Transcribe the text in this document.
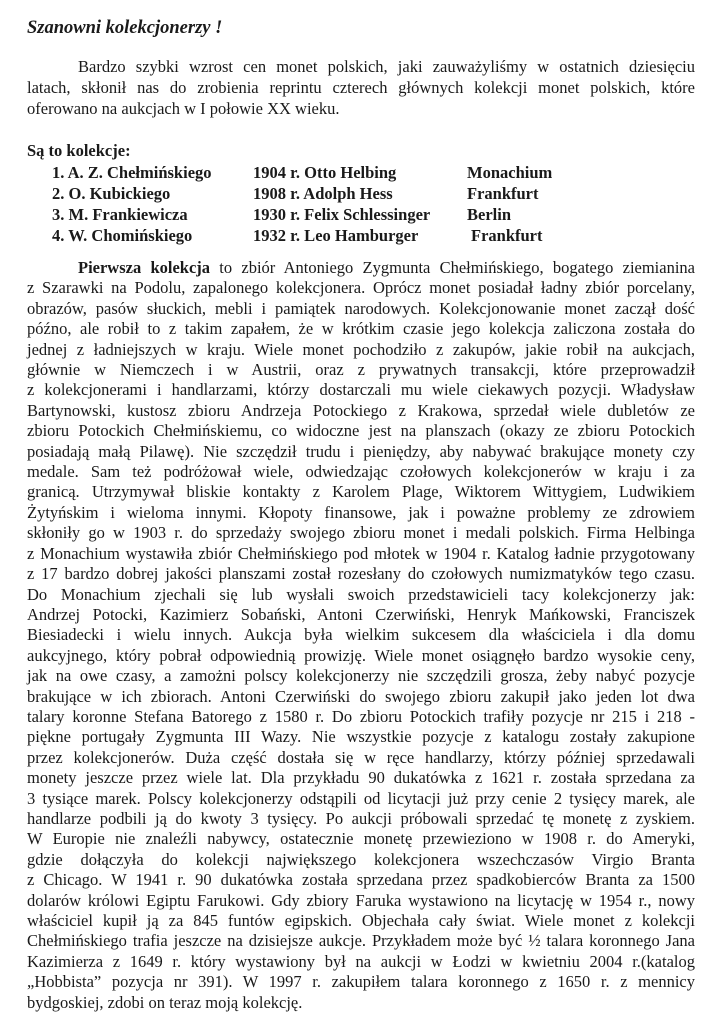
Szanowni kolekcjonerzy !
Bardzo szybki wzrost cen monet polskich, jaki zauważyliśmy w ostatnich dziesięciu
latach, skłonił nas do zrobienia reprintu czterech głównych kolekcji monet polskich, które
oferowano na aukcjach w I połowie XX wieku.
Są to kolekcje:
1. A. Z. Chełmińskiego	1904 r. Otto Helbing	Monachium
2. O. Kubickiego	1908 r. Adolph Hess	Frankfurt
3. M. Frankiewicza	1930 r. Felix Schlessinger	Berlin
4. W. Chomińskiego	1932 r. Leo Hamburger	Frankfurt
Pierwsza kolekcja to zbiór Antoniego Zygmunta Chełmińskiego, bogatego ziemianina
z Szarawki na Podolu, zapalonego kolekcjonera. Oprócz monet posiadał ładny zbiór porcelany,
obrazów, pasów słuckich, mebli i pamiątek narodowych. Kolekcjonowanie monet zaczął dość
późno, ale robił to z takim zapałem, że w krótkim czasie jego kolekcja zaliczona została do
jednej z ładniejszych w kraju. Wiele monet pochodziło z zakupów, jakie robił na aukcjach,
głównie w Niemczech i w Austrii, oraz z prywatnych transakcji, które przeprowadził
z kolekcjonerami i handlarzami, którzy dostarczali mu wiele ciekawych pozycji. Władysław
Bartynowski, kustosz zbioru Andrzeja Potockiego z Krakowa, sprzedał wiele dubletów ze
zbioru Potockich Chełmińskiemu, co widoczne jest na planszach (okazy ze zbioru Potockich
posiadają małą Pilawę). Nie szczędził trudu i pieniędzy, aby nabywać brakujące monety czy
medale. Sam też podróżował wiele, odwiedzając czołowych kolekcjonerów w kraju i za
granicą. Utrzymywał bliskie kontakty z Karolem Plage, Wiktorem Wittygiem, Ludwikiem
Żytyńskim i wieloma innymi. Kłopoty finansowe, jak i poważne problemy ze zdrowiem
skłoniły go w 1903 r. do sprzedaży swojego zbioru monet i medali polskich. Firma Helbinga
z Monachium wystawiła zbiór Chełmińskiego pod młotek w 1904 r. Katalog ładnie przygotowany
z 17 bardzo dobrej jakości planszami został rozesłany do czołowych numizmatyków tego czasu.
Do Monachium zjechali się lub wysłali swoich przedstawicieli tacy kolekcjonerzy jak:
Andrzej Potocki, Kazimierz Sobański, Antoni Czerwiński, Henryk Mańkowski, Franciszek
Biesiadecki i wielu innych. Aukcja była wielkim sukcesem dla właściciela i dla domu
aukcyjnego, który pobrał odpowiednią prowizję. Wiele monet osiągnęło bardzo wysokie ceny,
jak na owe czasy, a zamożni polscy kolekcjonerzy nie szczędzili grosza, żeby nabyć pozycje
brakujące w ich zbiorach. Antoni Czerwiński do swojego zbioru zakupił jako jeden lot dwa
talary koronne Stefana Batorego z 1580 r. Do zbioru Potockich trafiły pozycje nr 215 i 218 -
piękne portugały Zygmunta III Wazy. Nie wszystkie pozycje z katalogu zostały zakupione
przez kolekcjonerów. Duża część dostała się w ręce handlarzy, którzy później sprzedawali
monety jeszcze przez wiele lat. Dla przykładu 90 dukatówka z 1621 r. została sprzedana za
3 tysiące marek. Polscy kolekcjonerzy odstąpili od licytacji już przy cenie 2 tysięcy marek, ale
handlarze podbili ją do kwoty 3 tysięcy. Po aukcji próbowali sprzedać tę monetę z zyskiem.
W Europie nie znaleźli nabywcy, ostatecznie monetę przewieziono w 1908 r. do Ameryki,
gdzie dołączyła do kolekcji największego kolekcjonera wszechczasów Virgio Branta
z Chicago. W 1941 r. 90 dukatówka została sprzedana przez spadkobierców Branta za 1500
dolarów królowi Egiptu Farukowi. Gdy zbiory Faruka wystawiono na licytację w 1954 r., nowy
właściciel kupił ją za 845 funtów egipskich. Objechała cały świat. Wiele monet z kolekcji
Chełmińskiego trafia jeszcze na dzisiejsze aukcje. Przykładem może być ½ talara koronnego Jana
Kazimierza z 1649 r. który wystawiony był na aukcji w Łodzi w kwietniu 2004 r.(katalog
„Hobbista” pozycja nr 391). W 1997 r. zakupiłem talara koronnego z 1650 r. z mennicy
bydgoskiej, zdobi on teraz moją kolekcję.
